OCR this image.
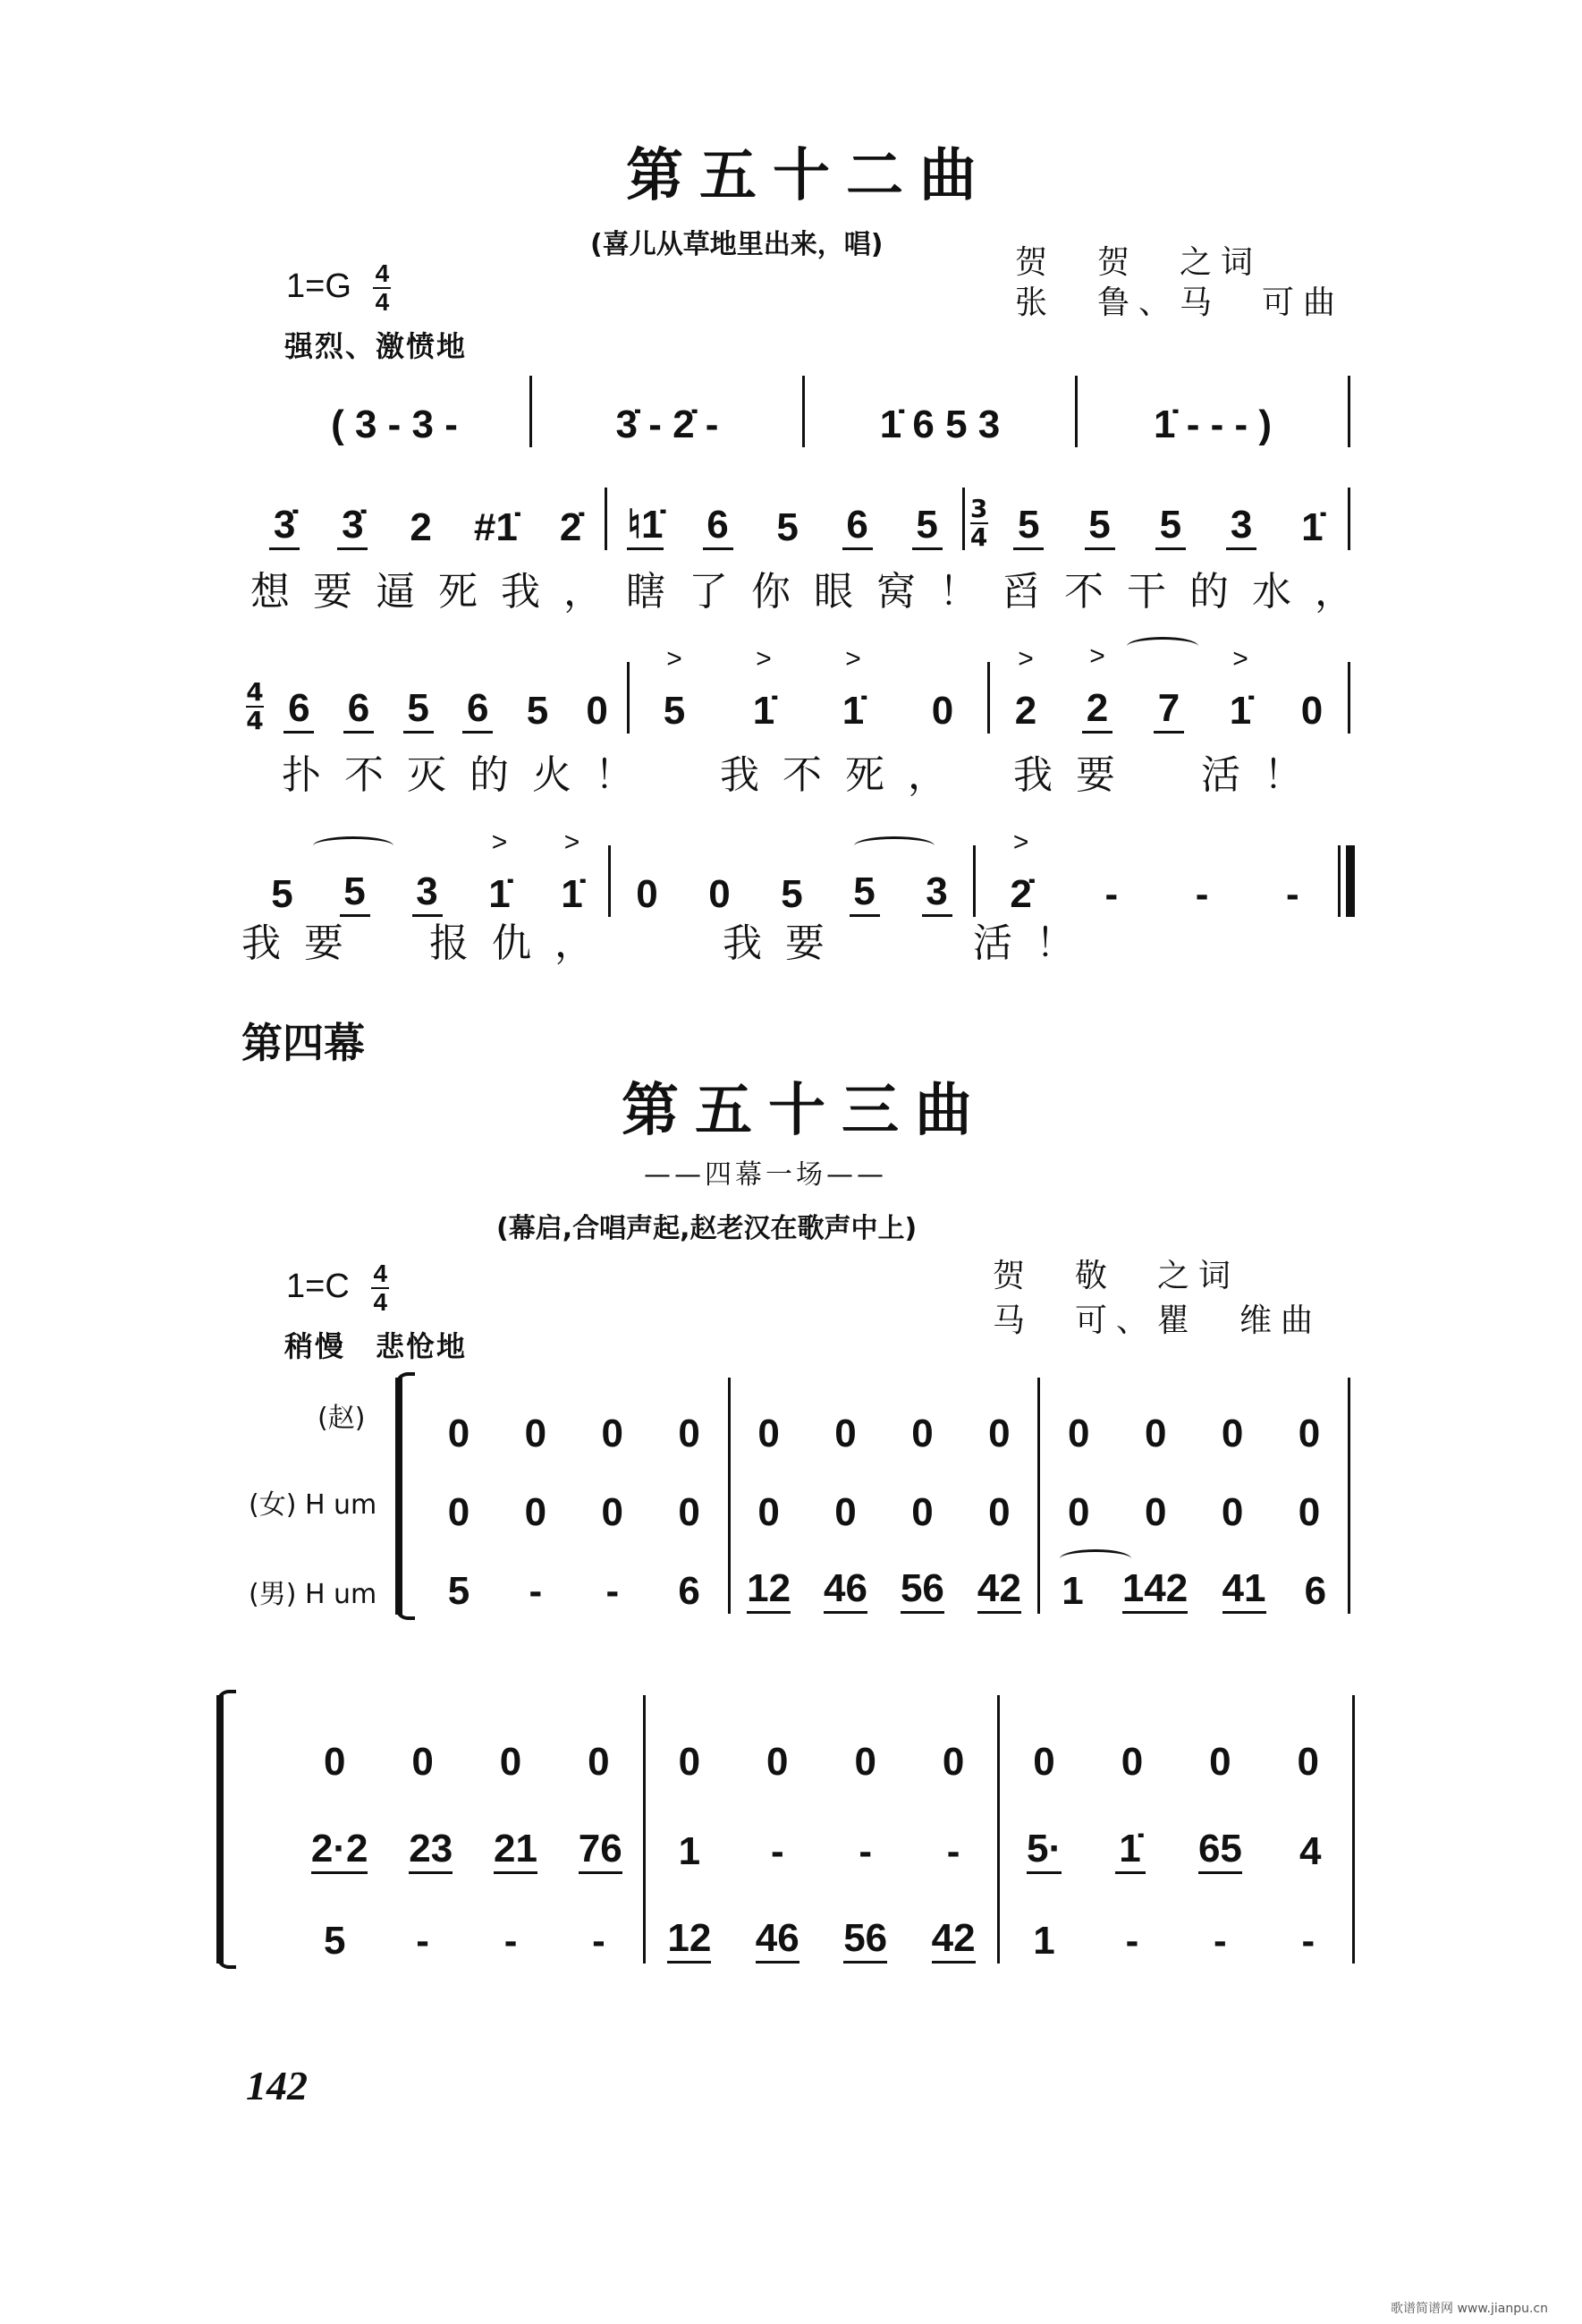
第五十二曲
(喜儿从草地里出来，唱)	贺　贺　之词
张　鲁、马　可曲
$1=G \frac{4}{4}$
强烈、激愤地
( 3 - 3 -	3̇ - 2̇ -	1̇ 6 5 3	1̇ - - - )
3̇ 3̇ 2 #1̇ 2̇ ♮1̇ 6 5 6 5 3
4 5 5 5 3 1̇
想要逼死我，瞎了你眼窝！舀不干的水，
4
4 6 6 5 6 5 0 > 5 > 1̇ > 1̇ 0 > 2 > 2 7 > 1̇ 0
扑不灭的火！　我不死，　我要　活！
5 5 3 > 1̇ > 1̇ 0 0 5 5 3 > 2̇ - - -
我要　报仇，　　我要　　活！
第四幕
第五十三曲
——四幕一场——
(幕启,合唱声起,赵老汉在歌声中上)
贺　敬　之词
马　可、瞿　维曲
$1=C \frac{4}{4}$
稍慢　悲怆地
(赵)
(女) H um
(男) H um
0 0 0 0 0 0 0 0 0 0 0 0
0 0 0 0 0 0 0 0 0 0 0 0
5 - - 6 12 46 56 42 1 142 41 6
0 0 0 0 0 0 0 0 0 0 0 0
2·2 23 21 76 1 - - - 5· 1̇ 65 4
5 - - - 12 46 56 42 1 - - -
142
歌谱简谱网 www.jianpu.cn
